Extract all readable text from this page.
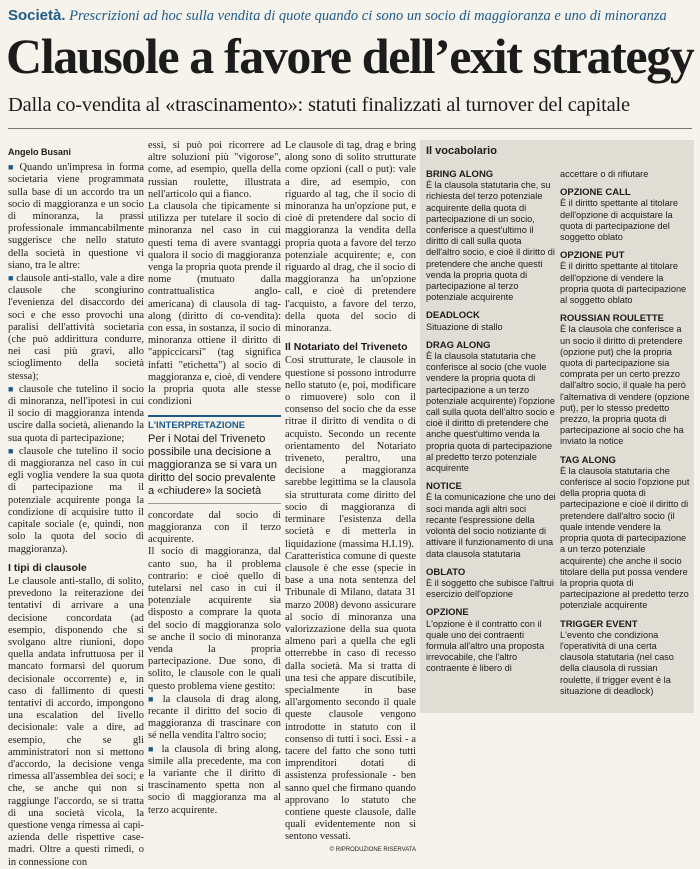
Società. Prescrizioni ad hoc sulla vendita di quote quando ci sono un socio di maggioranza e uno di minoranza
Clausole a favore dell’exit strategy
Dalla co-vendita al «trascinamento»: statuti finalizzati al turnover del capitale

Angelo Busani

■ Quando un'impresa in forma societaria viene programmata sulla base di un accordo tra un socio di maggioranza e un socio di minoranza, la prassi professionale immancabilmente suggerisce che nello statuto della società in questione vi siano, tra le altre:

■ clausole anti-stallo, vale a dire clausole che scongiurino l'evenienza del disaccordo dei soci e che esso provochi una paralisi dell'attività societaria (che può addirittura condurre, nei casi più gravi, allo scioglimento della società stessa);

■ clausole che tutelino il socio di minoranza, nell'ipotesi in cui il socio di maggioranza intenda uscire dalla società, alienando la sua quota di partecipazione;

■ clausole che tutelino il socio di maggioranza nel caso in cui egli voglia vendere la sua quota di partecipazione ma il potenziale acquirente ponga la condizione di acquisire tutto il capitale sociale (e, quindi, non solo la quota del socio di maggioranza).

I tipi di clausole

Le clausole anti-stallo, di solito, prevedono la reiterazione dei tentativi di arrivare a una decisione concordata (ad esempio, disponendo che si svolgano altre riunioni, dopo quella andata infruttuosa per il mancato formarsi del quorum decisionale occorrente) e, in caso di fallimento di questi tentativi di accordo, impongono una escalation del livello decisionale: vale a dire, ad esempio, che se gli amministratori non si mettono d'accordo, la decisione venga rimessa all'assemblea dei soci; e che, se anche qui non si raggiunge l'accordo, se si tratta di una società vicola, la questione venga rimessa ai capi-azienda delle rispettive case-madri. Oltre a questi rimedi, o in connessione con

essi, si può poi ricorrere ad altre soluzioni più "vigorose", come, ad esempio, quella della russian roulette, illustrata nell'articolo qui a fianco.

La clausola che tipicamente si utilizza per tutelare il socio di minoranza nel caso in cui questi tema di avere svantaggi qualora il socio di maggioranza venga la propria quota prende il nome (mutuato dalla contrattualistica anglo-americana) di clausola di tag-along (diritto di co-vendita): con essa, in sostanza, il socio di minoranza ottiene il diritto di "appiccicarsi" (tag significa infatti "etichetta") al socio di maggioranza e, cioè, di vendere la propria quota alle stesse condizioni

L'INTERPRETAZIONE
Per i Notai del Triveneto possibile una decisione a maggioranza se si vara un diritto del socio prevalente a «chiudere» la società

concordate dal socio di maggioranza con il terzo acquirente.

Il socio di maggioranza, dal canto suo, ha il problema contrario: e cioè quello di tutelarsi nel caso in cui il potenziale acquirente sia disposto a comprare la quota del socio di maggioranza solo se anche il socio di minoranza venda la propria partecipazione. Due sono, di solito, le clausole con le quali questo problema viene gestito:

■ la clausola di drag along, recante il diritto del socio di maggioranza di trascinare con sé nella vendita l'altro socio;

■ la clausola di bring along, simile alla precedente, ma con la variante che il diritto di trascinamento spetta non al socio di maggioranza ma al terzo acquirente.

Le clausole di tag, drag e bring along sono di solito strutturate come opzioni (call o put): vale a dire, ad esempio, con riguardo al tag, che il socio di minoranza ha un'opzione put, e cioè di pretendere dal socio di maggioranza la vendita della propria quota a favore del terzo potenziale acquirente; e, con riguardo al drag, che il socio di maggioranza ha un'opzione call, e cioè di pretendere l'acquisto, a favore del terzo, della quota del socio di minoranza.

Il Notariato del Triveneto

Così strutturate, le clausole in questione si possono introdurre nello statuto (e, poi, modificare o rimuovere) solo con il consenso del socio che da esse ritrae il diritto di vendita o di acquisto. Secondo un recente orientamento del Notariato triveneto, peraltro, una decisione a maggioranza sarebbe legittima se la clausola sia strutturata come diritto del socio di maggioranza di terminare l'esistenza della società e di metterla in liquidazione (massima H.I.19).

Caratteristica comune di queste clausole è che esse (specie in base a una nota sentenza del Tribunale di Milano, datata 31 marzo 2008) devono assicurare al socio di minoranza una valorizzazione della sua quota almeno pari a quella che egli otterrebbe in caso di recesso dalla società. Ma si tratta di una tesi che appare discutibile, specialmente in base all'argomento secondo il quale queste clausole vengono introdotte in statuto con il consenso di tutti i soci. Essi - a tacere del fatto che sono tutti imprenditori dotati di assistenza professionale - ben sanno quel che firmano quando approvano lo statuto che contiene queste clausole, dalle quali evidentemente non si sentono vessati.

© RIPRODUZIONE RISERVATA

Il vocabolario
BRING ALONG

È la clausola statutaria che, su richiesta del terzo potenziale acquirente della quota di partecipazione di un socio, conferisce a quest'ultimo il diritto di call sulla quota dell'altro socio, e cioè il diritto di pretendere che anche questi venda la propria quota di partecipazione al terzo potenziale acquirente

DEADLOCK

Situazione di stallo

DRAG ALONG

È la clausola statutaria che conferisce al socio (che vuole vendere la propria quota di partecipazione a un terzo potenziale acquirente) l'opzione call sulla quota dell'altro socio e cioè il diritto di pretendere che anche quest'ultimo venda la propria quota di partecipazione al predetto terzo potenziale acquirente

NOTICE

È la comunicazione che uno dei soci manda agli altri soci recante l'espressione della volontà del socio notiziante di attivare il funzionamento di una data clausola statutaria

OBLATO

È il soggetto che subisce l'altrui esercizio dell'opzione

OPZIONE

L'opzione è il contratto con il quale uno dei contraenti formula all'altro una proposta irrevocabile, che l'altro contraente è libero di

accettare o di rifiutare

OPZIONE CALL

È il diritto spettante al titolare dell'opzione di acquistare la quota di partecipazione del soggetto oblato

OPZIONE PUT

È il diritto spettante al titolare dell'opzione di vendere la propria quota di partecipazione al soggetto oblato

ROUSSIAN ROULETTE

È la clausola che conferisce a un socio il diritto di pretendere (opzione put) che la propria quota di partecipazione sia comprata per un certo prezzo dall'altro socio, il quale ha però l'alternativa di vendere (opzione put), per lo stesso predetto prezzo, la propria quota di partecipazione al socio che ha inviato la notice

TAG ALONG

È la clausola statutaria che conferisce al socio l'opzione put della propria quota di partecipazione e cioè il diritto di pretendere dall'altro socio (il quale intende vendere la propria quota di partecipazione a un terzo potenziale acquirente) che anche il socio titolare della put possa vendere la propria quota di partecipazione al predetto terzo potenziale acquirente

TRIGGER EVENT

L'evento che condiziona l'operatività di una certa clausola statutaria (nel caso della clausola di russian roulette, il trigger event è la situazione di deadlock)
